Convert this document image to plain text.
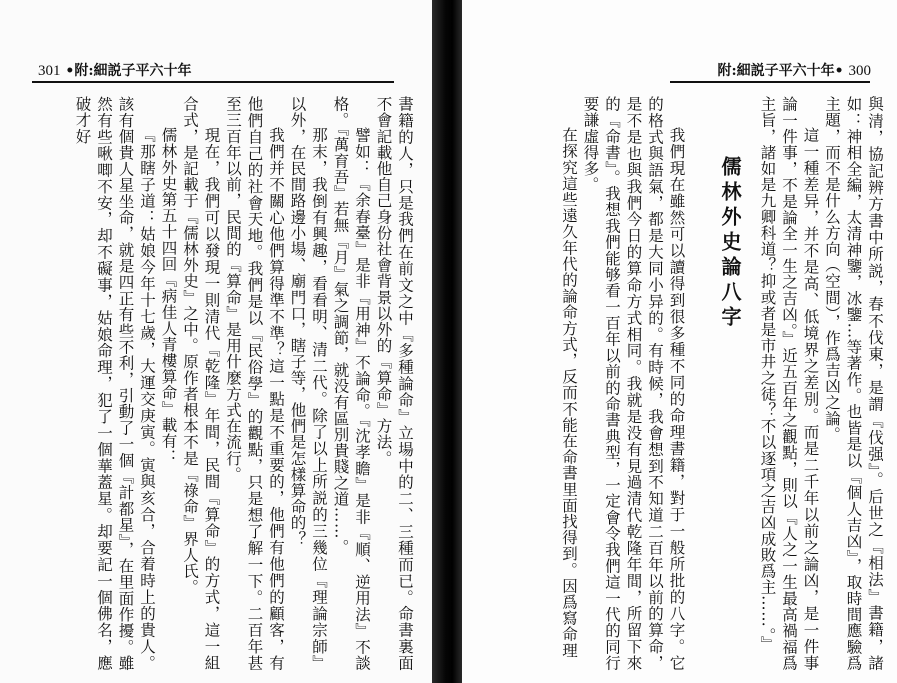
301 •附:細説子平六十年

書籍的人，只是我們在前文之中『多種論命』立場中的二、三種而已。命書裏面不會記載他自己身份社會背景以外的『算命』方法。

譬如：『余春臺』是非『用神』不論命。『沈孝瞻』是非『順、逆用法』不談格。『萬育吾』若無『月』氣之調節，就没有區別貴賤之道……。

那末，我倒有興趣，看看明、清二代。除了以上所説的三幾位『理論宗師』以外，在民間路邊小場、廟門口，瞎子等，他們是怎樣算命的？

我們并不關心他們算得準不準？這一點是不重要的，他們有他們的顧客，有他們自己的社會天地。我們是以『民俗學』的觀點，只是想了解一下。二百年甚至三百年以前，民間的『算命』是用什麼方式在流行。

現在，我們可以發現一則清代『乾隆』年間，民間『算命』的方式，這一組合式，是記載于『儒林外史』之中。原作者根本不是『祿命』界人氏。

儒林外史第五十四回『病佳人青樓算命』載有：

『那瞎子道：姑娘今年十七歲，大運交庚寅。寅與亥合，合着時上的貴人。該有個貴人星坐命，就是四正有些不利，引動了一個『計都星』，在里面作擾。雖然有些啾唧不安，却不礙事，姑娘命理，犯了一個華蓋星。却要記一個佛名，應破才好

附:細説子平六十年• 300

與清，協記辨方書中所説，春不伐東，是謂『伐强』。后世之『相法』書籍，諸如：神相全編，太清神鑒，冰鑒…等著作。也皆是以『個人吉凶』，取時間應驗爲主題，而不是什么方向（空間），作爲吉凶之論。

這一種差异，并不是高、低境界之差別。而是二千年以前之論凶，是一件事論一件事，不是論全一生之吉凶。』近五百年之觀點，則以『人之一生最高禍福爲主旨，諸如是九卿科道？抑或者是市井之徒？不以逐項之吉凶成敗爲主……。』

儒林外史論八字

我們現在雖然可以讀得到很多種不同的命理書籍，對于一般所批的八字。它的格式與語氣，都是大同小异的。有時候，我會想到不知道二百年以前的算命，是不是也與我們今日的算命方式相同。我就是没有見過清代乾隆年間，所留下來的『命書』。我想我們能够看一百年以前的命書典型，一定會令我們這一代的同行要謙虛得多。

在探究這些遠久年代的論命方式，反而不能在命書里面找得到。因爲寫命理
